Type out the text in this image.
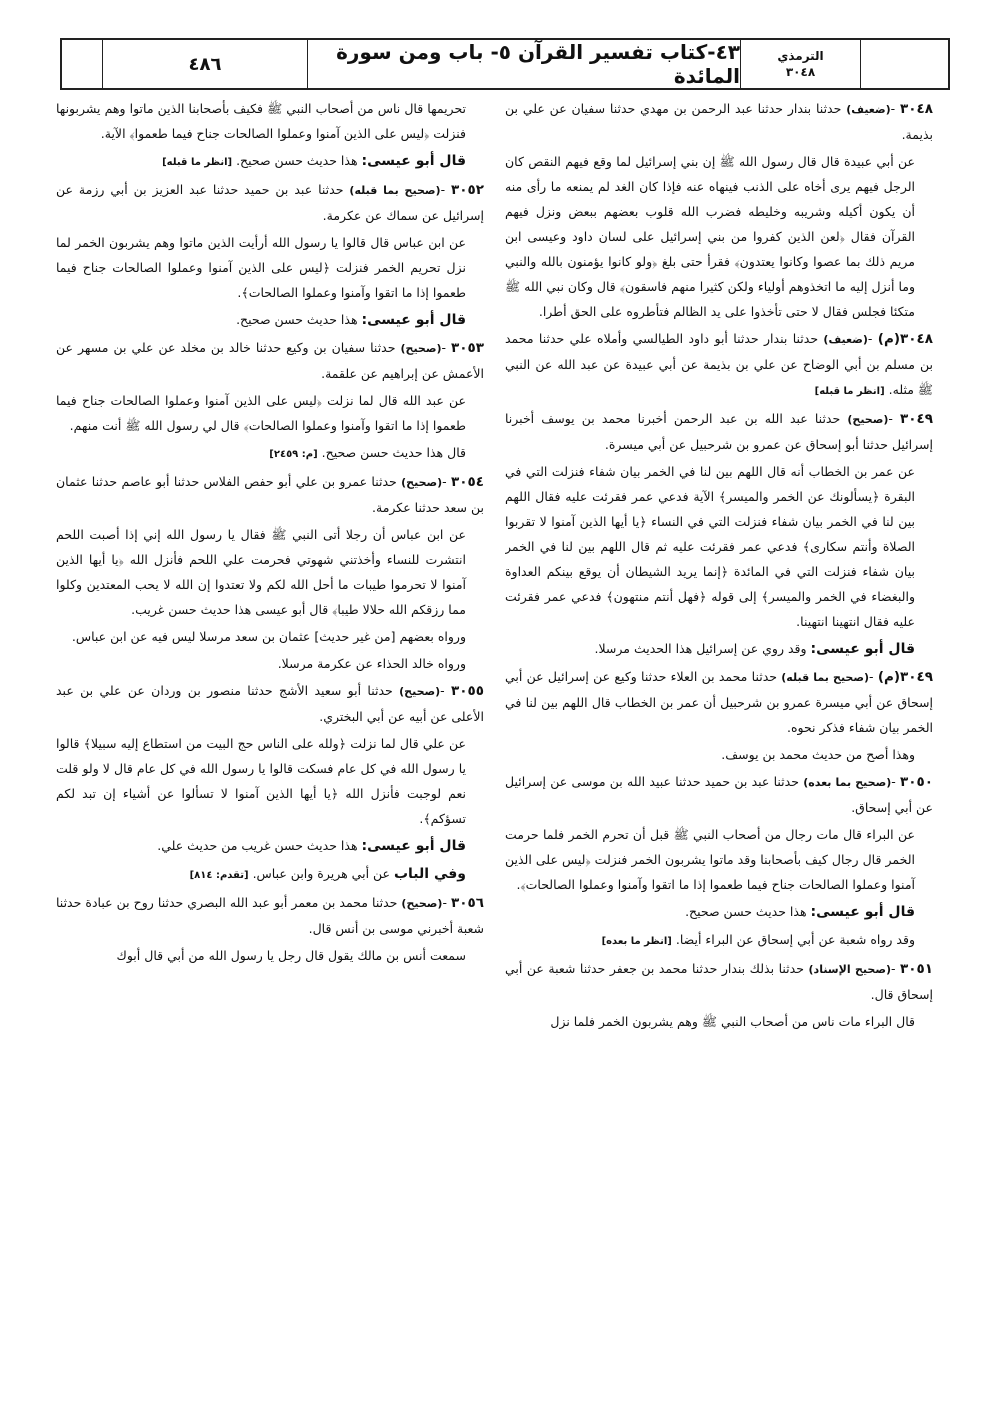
الترمذي
٣٠٤٨
٤٣-كتاب تفسير القرآن ٥- باب ومن سورة المائدة
٤٨٦

٣٠٤٨ -(ضعيف) حدثنا بندار حدثنا عبد الرحمن بن مهدي حدثنا سفيان عن علي بن بذيمة.

عن أبي عبيدة قال قال رسول الله ﷺ إن بني إسرائيل لما وقع فيهم النقص كان الرجل فيهم يرى أخاه على الذنب فينهاه عنه فإذا كان الغد لم يمنعه ما رأى منه أن يكون أكيله وشريبه وخليطه فضرب الله قلوب بعضهم ببعض ونزل فيهم القرآن فقال ﴿لعن الذين كفروا من بني إسرائيل على لسان داود وعيسى ابن مريم ذلك بما عصوا وكانوا يعتدون﴾ فقرأ حتى بلغ ﴿ولو كانوا يؤمنون بالله والنبي وما أنزل إليه ما اتخذوهم أولياء ولكن كثيرا منهم فاسقون﴾ قال وكان نبي الله ﷺ متكئا فجلس فقال لا حتى تأخذوا على يد الظالم فتأطروه على الحق أطرا.

٣٠٤٨(م) -(ضعيف) حدثنا بندار حدثنا أبو داود الطيالسي وأملاه علي حدثنا محمد بن مسلم بن أبي الوضاح عن علي بن بذيمة عن أبي عبيدة عن عبد الله عن النبي ﷺ مثله. [انظر ما قبله]

٣٠٤٩ -(صحيح) حدثنا عبد الله بن عبد الرحمن أخبرنا محمد بن يوسف أخبرنا إسرائيل حدثنا أبو إسحاق عن عمرو بن شرحبيل عن أبي ميسرة.

عن عمر بن الخطاب أنه قال اللهم بين لنا في الخمر بيان شفاء فنزلت التي في البقرة ﴿يسألونك عن الخمر والميسر﴾ الآية فدعي عمر فقرئت عليه فقال اللهم بين لنا في الخمر بيان شفاء فنزلت التي في النساء ﴿يا أيها الذين آمنوا لا تقربوا الصلاة وأنتم سكارى﴾ فدعي عمر فقرئت عليه ثم قال اللهم بين لنا في الخمر بيان شفاء فنزلت التي في المائدة ﴿إنما يريد الشيطان أن يوقع بينكم العداوة والبغضاء في الخمر والميسر﴾ إلى قوله ﴿فهل أنتم منتهون﴾ فدعي عمر فقرئت عليه فقال انتهينا انتهينا.

قال أبو عيسى: وقد روي عن إسرائيل هذا الحديث مرسلا.

٣٠٤٩(م) -(صحيح بما قبله) حدثنا محمد بن العلاء حدثنا وكيع عن إسرائيل عن أبي إسحاق عن أبي ميسرة عمرو بن شرحبيل أن عمر بن الخطاب قال اللهم بين لنا في الخمر بيان شفاء فذكر نحوه.

وهذا أصح من حديث محمد بن يوسف.

٣٠٥٠ -(صحيح بما بعده) حدثنا عبد بن حميد حدثنا عبيد الله بن موسى عن إسرائيل عن أبي إسحاق.

عن البراء قال مات رجال من أصحاب النبي ﷺ قبل أن تحرم الخمر فلما حرمت الخمر قال رجال كيف بأصحابنا وقد ماتوا يشربون الخمر فنزلت ﴿ليس على الذين آمنوا وعملوا الصالحات جناح فيما طعموا إذا ما اتقوا وآمنوا وعملوا الصالحات﴾.

قال أبو عيسى: هذا حديث حسن صحيح.

وقد رواه شعبة عن أبي إسحاق عن البراء أيضا. [انظر ما بعده]

٣٠٥١ -(صحيح الإسناد) حدثنا بذلك بندار حدثنا محمد بن جعفر حدثنا شعبة عن أبي إسحاق قال.

قال البراء مات ناس من أصحاب النبي ﷺ وهم يشربون الخمر فلما نزل

تحريمها قال ناس من أصحاب النبي ﷺ فكيف بأصحابنا الذين ماتوا وهم يشربونها فنزلت ﴿ليس على الذين آمنوا وعملوا الصالحات جناح فيما طعموا﴾ الآية.

قال أبو عيسى: هذا حديث حسن صحيح. [انظر ما قبله]

٣٠٥٢ -(صحيح بما قبله) حدثنا عبد بن حميد حدثنا عبد العزيز بن أبي رزمة عن إسرائيل عن سماك عن عكرمة.

عن ابن عباس قال قالوا يا رسول الله أرأيت الذين ماتوا وهم يشربون الخمر لما نزل تحريم الخمر فنزلت ﴿ليس على الذين آمنوا وعملوا الصالحات جناح فيما طعموا إذا ما اتقوا وآمنوا وعملوا الصالحات﴾.

قال أبو عيسى: هذا حديث حسن صحيح.

٣٠٥٣ -(صحيح) حدثنا سفيان بن وكيع حدثنا خالد بن مخلد عن علي بن مسهر عن الأعمش عن إبراهيم عن علقمة.

عن عبد الله قال لما نزلت ﴿ليس على الذين آمنوا وعملوا الصالحات جناح فيما طعموا إذا ما اتقوا وآمنوا وعملوا الصالحات﴾ قال لي رسول الله ﷺ أنت منهم.

قال هذا حديث حسن صحيح. [م: ٢٤٥٩]

٣٠٥٤ -(صحيح) حدثنا عمرو بن علي أبو حفص الفلاس حدثنا أبو عاصم حدثنا عثمان بن سعد حدثنا عكرمة.

عن ابن عباس أن رجلا أتى النبي ﷺ فقال يا رسول الله إني إذا أصبت اللحم انتشرت للنساء وأخذتني شهوتي فحرمت علي اللحم فأنزل الله ﴿يا أيها الذين آمنوا لا تحرموا طيبات ما أحل الله لكم ولا تعتدوا إن الله لا يحب المعتدين وكلوا مما رزقكم الله حلالا طيبا﴾ قال أبو عيسى هذا حديث حسن غريب.

ورواه بعضهم [من غير حديث] عثمان بن سعد مرسلا ليس فيه عن ابن عباس.

ورواه خالد الحذاء عن عكرمة مرسلا.

٣٠٥٥ -(صحيح) حدثنا أبو سعيد الأشج حدثنا منصور بن وردان عن علي بن عبد الأعلى عن أبيه عن أبي البختري.

عن علي قال لما نزلت ﴿ولله على الناس حج البيت من استطاع إليه سبيلا﴾ قالوا يا رسول الله في كل عام فسكت قالوا يا رسول الله في كل عام قال لا ولو قلت نعم لوجبت فأنزل الله ﴿يا أيها الذين آمنوا لا تسألوا عن أشياء إن تبد لكم تسؤكم﴾.

قال أبو عيسى: هذا حديث حسن غريب من حديث علي.

وفي الباب عن أبي هريرة وابن عباس. [تقدم: ٨١٤]

٣٠٥٦ -(صحيح) حدثنا محمد بن معمر أبو عبد الله البصري حدثنا روح بن عبادة حدثنا شعبة أخبرني موسى بن أنس قال.

سمعت أنس بن مالك يقول قال رجل يا رسول الله من أبي قال أبوك
